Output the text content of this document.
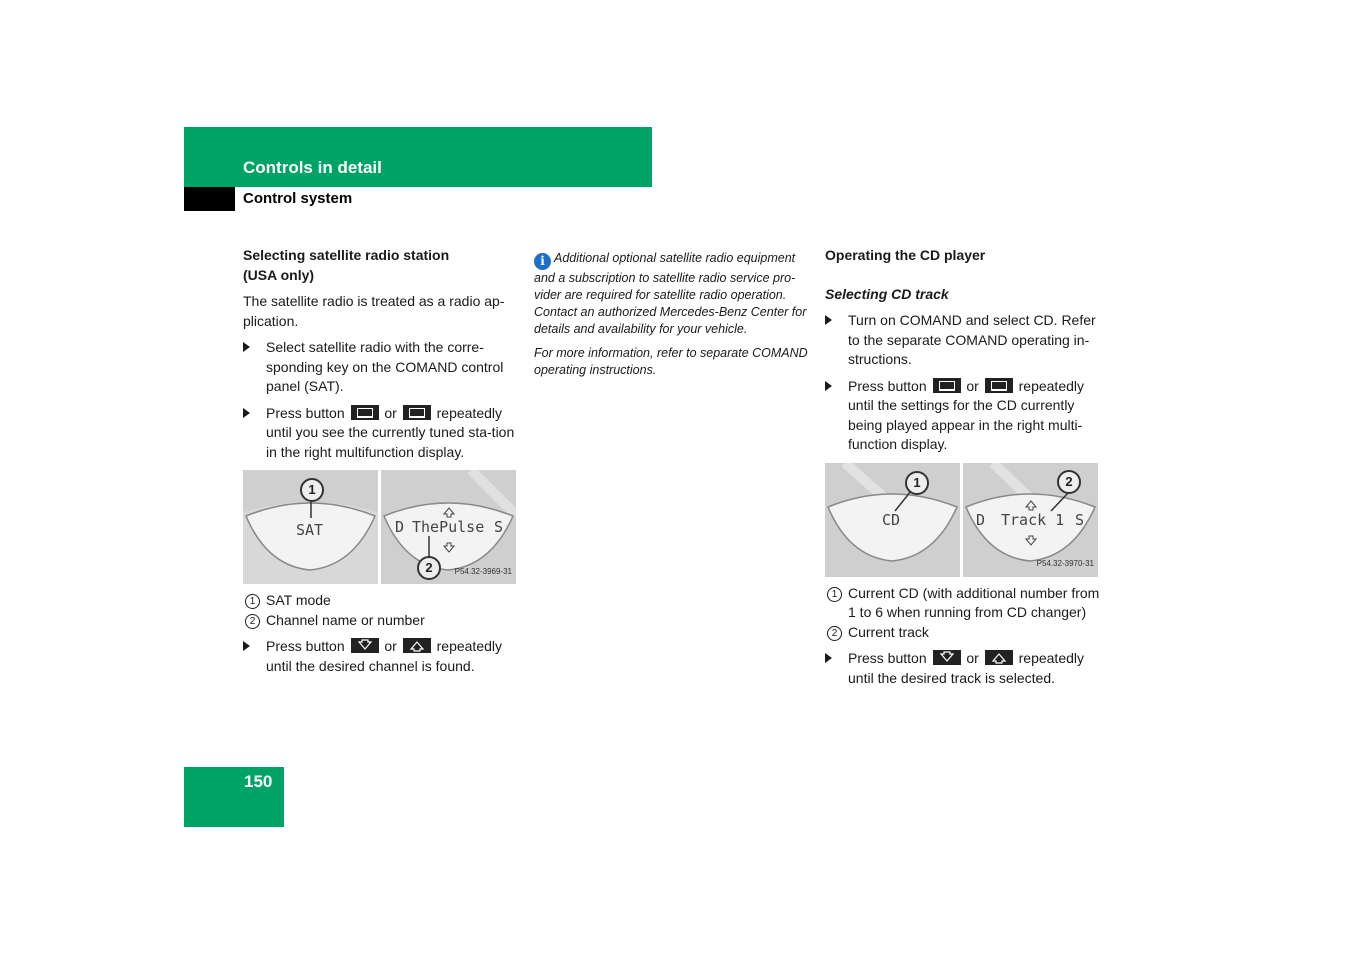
Controls in detail
Control system
Selecting satellite radio station
(USA only)

The satellite radio is treated as a radio ap-plication.

Select satellite radio with the corre-sponding key on the COMAND control panel (SAT).
Press button	or	repeatedly until you see the currently tuned sta-tion in the right multifunction display.
SAT
1
D ThePulse S
2	P54.32-3969-31
1 SAT mode
2 Channel name or number
Press button	or	repeatedly until the desired channel is found.

i Additional optional satellite radio equipment and a subscription to satellite radio service pro-vider are required for satellite radio operation. Contact an authorized Mercedes-Benz Center for details and availability for your vehicle.

For more information, refer to separate COMAND operating instructions.

Operating the CD player
Selecting CD track
Turn on COMAND and select CD. Refer to the separate COMAND operating in-structions.
Press button	or	repeatedly until the settings for the CD currently being played appear in the right multi-function display.
CD
1
D Track 1 S
2
P54.32-3970-31
1 Current CD (with additional number from 1 to 6 when running from CD changer)
2 Current track
Press button	or	repeatedly until the desired track is selected.
150
